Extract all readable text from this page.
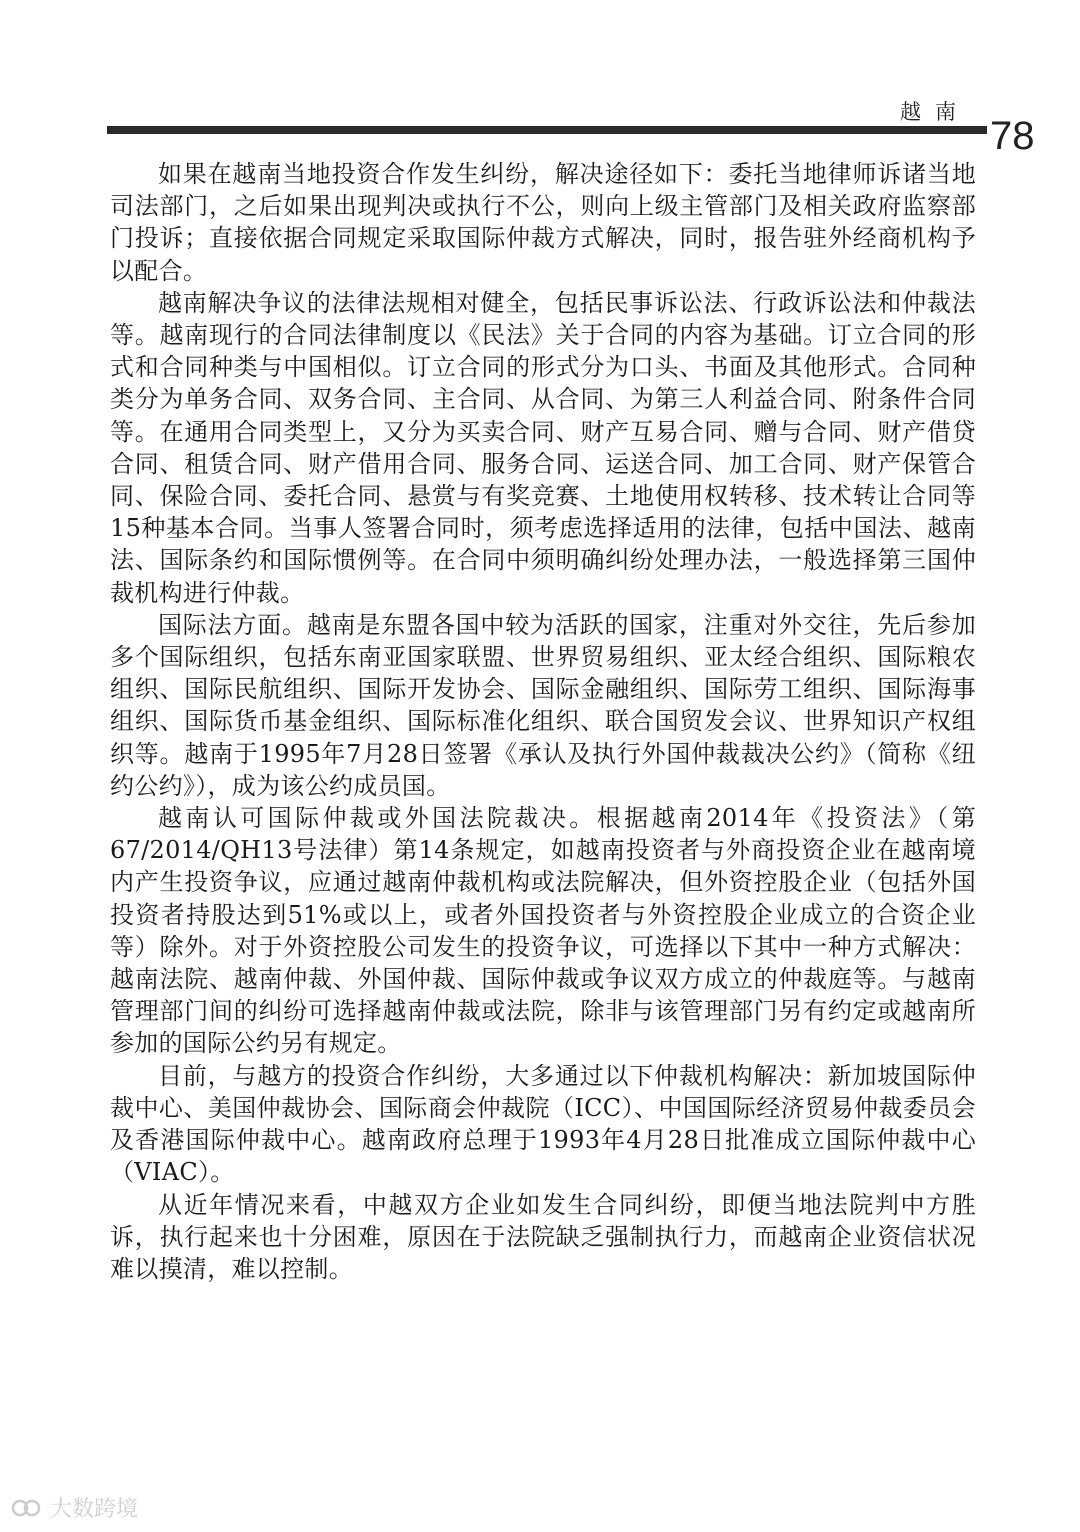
越南
78

如果在越南当地投资合作发生纠纷，解决途径如下：委托当地律师诉诸当地司法部门，之后如果出现判决或执行不公，则向上级主管部门及相关政府监察部门投诉；直接依据合同规定采取国际仲裁方式解决，同时，报告驻外经商机构予以配合。

越南解决争议的法律法规相对健全，包括民事诉讼法、行政诉讼法和仲裁法等。越南现行的合同法律制度以《民法》关于合同的内容为基础。订立合同的形式和合同种类与中国相似。订立合同的形式分为口头、书面及其他形式。合同种类分为单务合同、双务合同、主合同、从合同、为第三人利益合同、附条件合同等。在通用合同类型上，又分为买卖合同、财产互易合同、赠与合同、财产借贷合同、租赁合同、财产借用合同、服务合同、运送合同、加工合同、财产保管合同、保险合同、委托合同、悬赏与有奖竞赛、土地使用权转移、技术转让合同等15种基本合同。当事人签署合同时，须考虑选择适用的法律，包括中国法、越南法、国际条约和国际惯例等。在合同中须明确纠纷处理办法，一般选择第三国仲裁机构进行仲裁。

国际法方面。越南是东盟各国中较为活跃的国家，注重对外交往，先后参加多个国际组织，包括东南亚国家联盟、世界贸易组织、亚太经合组织、国际粮农组织、国际民航组织、国际开发协会、国际金融组织、国际劳工组织、国际海事组织、国际货币基金组织、国际标准化组织、联合国贸发会议、世界知识产权组织等。越南于1995年7月28日签署《承认及执行外国仲裁裁决公约》（简称《纽约公约》），成为该公约成员国。

越南认可国际仲裁或外国法院裁决。根据越南2014年《投资法》（第67/2014/QH13号法律）第14条规定，如越南投资者与外商投资企业在越南境内产生投资争议，应通过越南仲裁机构或法院解决，但外资控股企业（包括外国投资者持股达到51%或以上，或者外国投资者与外资控股企业成立的合资企业等）除外。对于外资控股公司发生的投资争议，可选择以下其中一种方式解决：越南法院、越南仲裁、外国仲裁、国际仲裁或争议双方成立的仲裁庭等。与越南管理部门间的纠纷可选择越南仲裁或法院，除非与该管理部门另有约定或越南所参加的国际公约另有规定。

目前，与越方的投资合作纠纷，大多通过以下仲裁机构解决：新加坡国际仲裁中心、美国仲裁协会、国际商会仲裁院（ICC）、中国国际经济贸易仲裁委员会及香港国际仲裁中心。越南政府总理于1993年4月28日批准成立国际仲裁中心（VIAC）。

从近年情况来看，中越双方企业如发生合同纠纷，即便当地法院判中方胜诉，执行起来也十分困难，原因在于法院缺乏强制执行力，而越南企业资信状况难以摸清，难以控制。

大数跨境
